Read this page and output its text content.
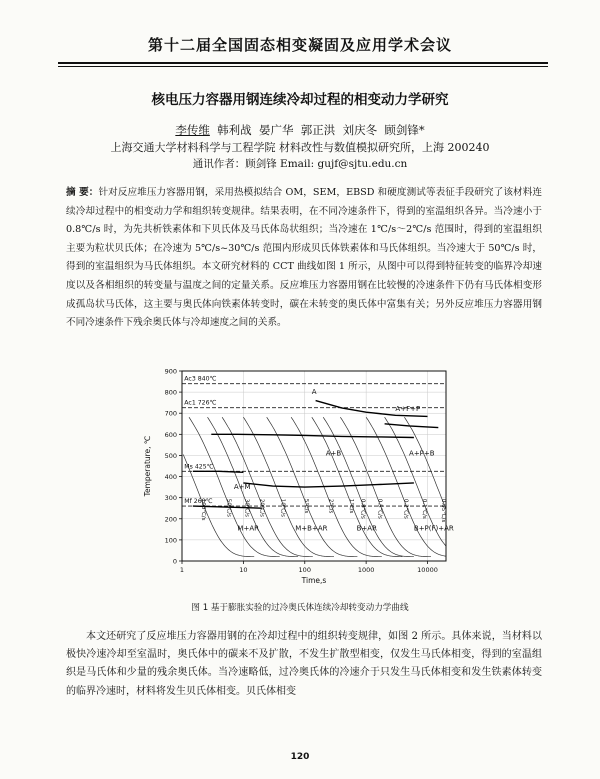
第十二届全国固态相变凝固及应用学术会议
核电压力容器用钢连续冷却过程的相变动力学研究
李传维 韩利战 晏广华 郭正洪 刘庆冬 顾剑锋*
上海交通大学材料科学与工程学院 材料改性与数值模拟研究所，上海 200240
通讯作者：顾剑锋 Email: gujf@sjtu.edu.cn

摘 要：针对反应堆压力容器用钢，采用热模拟结合 OM，SEM，EBSD 和硬度测试等表征手段研究了该材料连续冷却过程中的相变动力学和组织转变规律。结果表明，在不同冷速条件下，得到的室温组织各异。当冷速小于 0.8℃/s 时，为先共析铁素体和下贝氏体及马氏体岛状组织；当冷速在 1℃/s～2℃/s 范围时，得到的室温组织主要为粒状贝氏体；在冷速为 5℃/s~30℃/s 范围内形成贝氏体铁素体和马氏体组织。当冷速大于 50℃/s 时，得到的室温组织为马氏体组织。本文研究材料的 CCT 曲线如图 1 所示，从图中可以得到特征转变的临界冷却速度以及各相组织的转变量与温度之间的定量关系。反应堆压力容器用钢在比较慢的冷速条件下仍有马氏体相变形成孤岛状马氏体，这主要与奥氏体向铁素体转变时，碳在未转变的奥氏体中富集有关；另外反应堆压力容器用钢不同冷速条件下残余奥氏体与冷却速度之间的关系。

Ac3 840℃
Ac1 726℃
Ms 425℃
Mf 260℃
100℃/s	50℃/s 30℃/s 20℃/s	10℃/s	5℃/s	2℃/s	1℃/s 0.8℃/s 0.5℃/s	0.2℃/s 0.1℃/s 0.05℃/s
A
A+F+P
A+B	A+P+B
A+M
M+AR	M+B+AR	B+AR	B+P(F)+AR
0
100
200
300
400
500
600
700
800
900
1	10	100	1000	10000
Time,s
Temperature, ℃
图 1 基于膨胀实验的过冷奥氏体连续冷却转变动力学曲线

本文还研究了反应堆压力容器用钢的在冷却过程中的组织转变规律，如图 2 所示。具体来说，当材料以极快冷速冷却至室温时，奥氏体中的碳来不及扩散，不发生扩散型相变，仅发生马氏体相变，得到的室温组织是马氏体和少量的残余奥氏体。当冷速略低，过冷奥氏体的冷速介于只发生马氏体相变和发生铁素体转变的临界冷速时，材料将发生贝氏体相变。贝氏体相变

120
